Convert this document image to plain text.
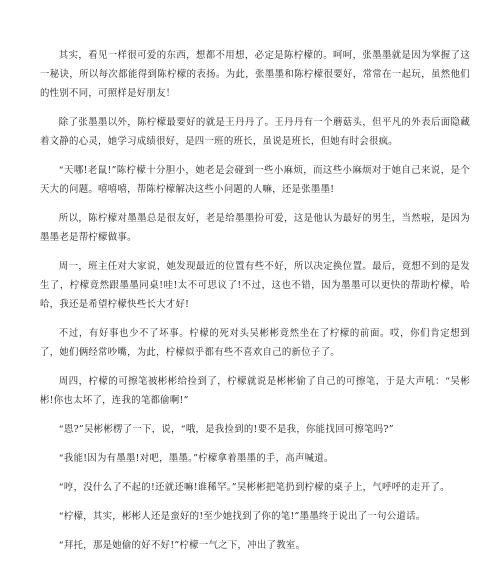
其实，看见一样很可爱的东西，想都不用想，必定是陈柠檬的。呵呵，张墨墨就是因为掌握了这一秘诀，所以每次都能得到陈柠檬的表扬。为此，张墨墨和陈柠檬很要好，常常在一起玩，虽然他们的性别不同，可照样是好朋友！

除了张墨墨以外，陈柠檬最要好的就是王丹丹了。王丹丹有一个蘑菇头，但平凡的外表后面隐藏着文静的心灵，她学习成绩很好，是四一班的班长，虽说是班长，但她有时会很疯。

“天哪!老鼠!”陈柠檬十分胆小，她老是会碰到一些小麻烦，而这些小麻烦对于她自己来说，是个天大的问题。嘻嘻嘻，帮陈柠檬解决这些小问题的人嘛，还是张墨墨!

所以，陈柠檬对墨墨总是很友好，老是给墨墨扮可爱，这是他认为最好的男生，当然啦，是因为墨墨老是帮柠檬做事。

周一，班主任对大家说，她发现最近的位置有些不好，所以决定换位置。最后，竟想不到的是发生了，柠檬竟然跟墨墨同桌!哇!太不可思议了!不过，这也不错，因为墨墨可以更快的帮助柠檬，哈哈，我还是希望柠檬快些长大才好!

不过，有好事也少不了坏事。柠檬的死对头吴彬彬竟然坐在了柠檬的前面。哎，你们肯定想到了，她们俩经常吵嘴，为此，柠檬似乎都有些不喜欢自己的新位子了。

周四，柠檬的可擦笔被彬彬给捡到了，柠檬就说是彬彬偷了自己的可擦笔，于是大声吼：“吴彬彬!你也太坏了，连我的笔都偷啊!”

“恩?”吴彬彬楞了一下，说，“哦，是我捡到的!要不是我，你能找回可擦笔吗?”

“我能!因为有墨墨!对吧，墨墨。”柠檬拿着墨墨的手，高声喊道。

“哼，没什么了不起的!还就还嘛!谁稀罕。”吴彬彬把笔扔到柠檬的桌子上，气呼呼的走开了。

“柠檬，其实，彬彬人还是蛮好的!至少她找到了你的笔!”墨墨终于说出了一句公道话。

“拜托，那是她偷的好不好!”柠檬一气之下，冲出了教室。
